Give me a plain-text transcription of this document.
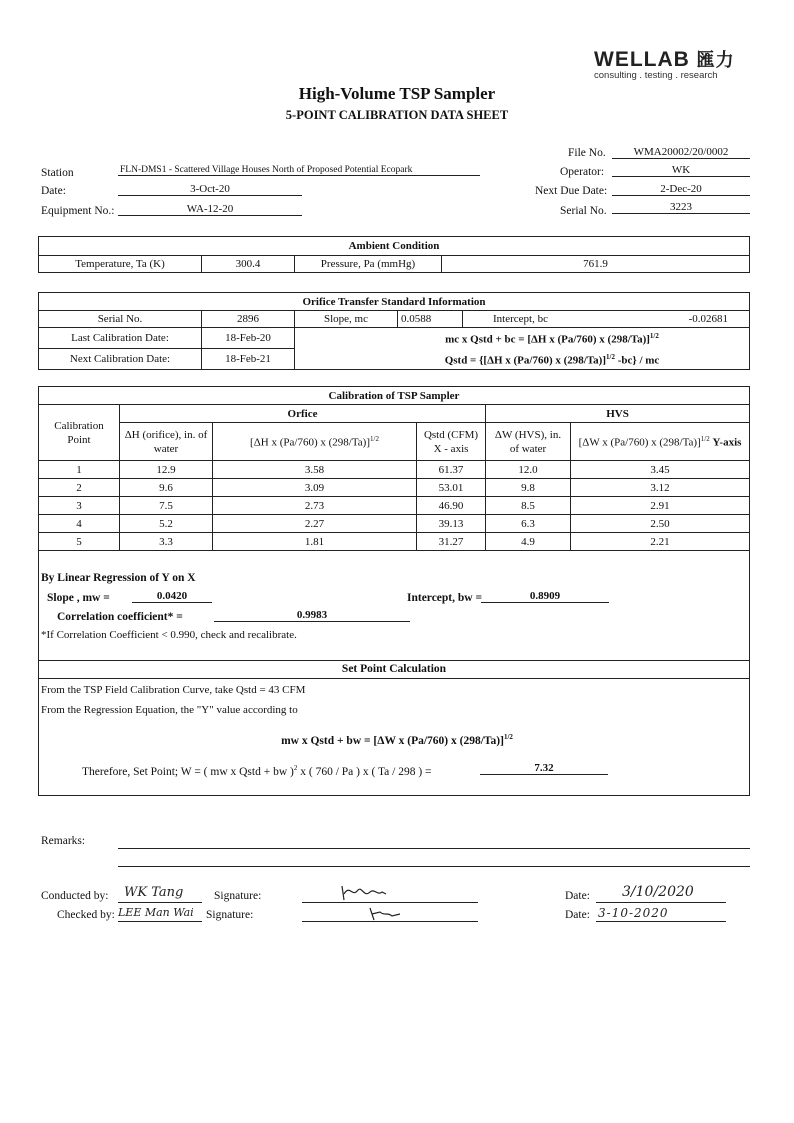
WELLAB 匯力
consulting . testing . research
High-Volume TSP Sampler
5-POINT CALIBRATION DATA SHEET
File No.	WMA20002/20/0002
Station	FLN-DMS1 - Scattered Village Houses North of Proposed Potential Ecopark	Operator:	WK
Date:	3-Oct-20	Next Due Date:	2-Dec-20
Equipment No.:	WA-12-20	Serial No.	3223
Ambient Condition
Temperature, Ta (K)	300.4	Pressure, Pa (mmHg)	761.9
Orifice Transfer Standard Information				
Serial No.	2896	Slope, mc	0.0588	Intercept, bc -0.02681

Last Calibration Date:	18-Feb-20	mc x Qstd + bc = [ΔH x (Pa/760) x (298/Ta)]$^{1/2}$
Qstd = {[ΔH x (Pa/760) x (298/Ta)]$^{1/2}$ -bc} / mc		

Next Calibration Date:	18-Feb-21			
Calibration of TSP Sampler					
Calibration Point	Orfice			HVS	
	ΔH (orifice), in. of water	[ΔH x (Pa/760) x (298/Ta)]$^{1/2}$	Qstd (CFM) X - axis	ΔW (HVS), in. of water	[ΔW x (Pa/760) x (298/Ta)]$^{1/2}$ Y-axis
1	12.9	3.58	61.37	12.0	3.45
2	9.6	3.09	53.01	9.8	3.12
3	7.5	2.73	46.90	8.5	2.91
4	5.2	2.27	39.13	6.3	2.50
5	3.3	1.81	31.27	4.9	2.21
By Linear Regression of Y on X
Slope , mw =	0.0420	Intercept, bw =	0.8909
Correlation coefficient* =	0.9983
*If Correlation Coefficient < 0.990, check and recalibrate.
Set Point Calculation
From the TSP Field Calibration Curve, take Qstd = 43 CFM
From the Regression Equation, the "Y" value according to
mw x Qstd + bw = [ΔW x (Pa/760) x (298/Ta)]$^{1/2}$
Therefore, Set Point; W = ( mw x Qstd + bw )$^2$ x ( 760 / Pa ) x ( Ta / 298 ) =	7.32
Remarks:
Conducted by: WK Tang	Signature:	Date: 3/10/2020
Checked by: LEE Man Wai Signature:	Date: 3-10-2020
